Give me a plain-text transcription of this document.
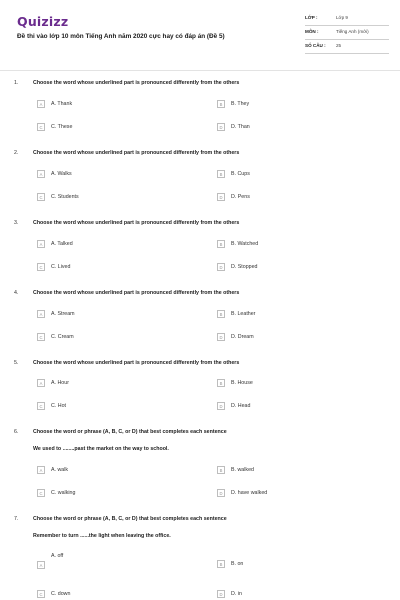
Quizizz
Đề thi vào lớp 10 môn Tiếng Anh năm 2020 cực hay có đáp án (Đề 5)
LỚP :	Lớp 9
MÔN :	Tiếng Anh (mới)
SỐ CÂU : 25
1.	Choose the word whose underlined part is pronounced differently from the others
A	A. Thank	B	B. They
C	C. These	D	D. Than
2.	Choose the word whose underlined part is pronounced differently from the others
A	A. Walks	B	B. Cups
C	C. Students	D	D. Pens
3.	Choose the word whose underlined part is pronounced differently from the others
A	A. Talked	B	B. Watched
C	C. Lived	D	D. Stopped
4.	Choose the word whose underlined part is pronounced differently from the others
A	A. Stream	B	B. Leather
C	C. Cream	D	D. Dream
5.	Choose the word whose underlined part is pronounced differently from the others
A	A. Hour	B	B. House
C	C. Hot	D	D. Head
6.	Choose the word or phrase (A, B, C, or D) that best completes each sentence
We used to ........past the market on the way to school.
A	A. walk	B	B. walked
C	C. walking	D	D. have walked
7.	Choose the word or phrase (A, B, C, or D) that best completes each sentence
Remember to turn ......the light when leaving the office.
A
A. off
B	B. on
C	C. down	D	D. in
